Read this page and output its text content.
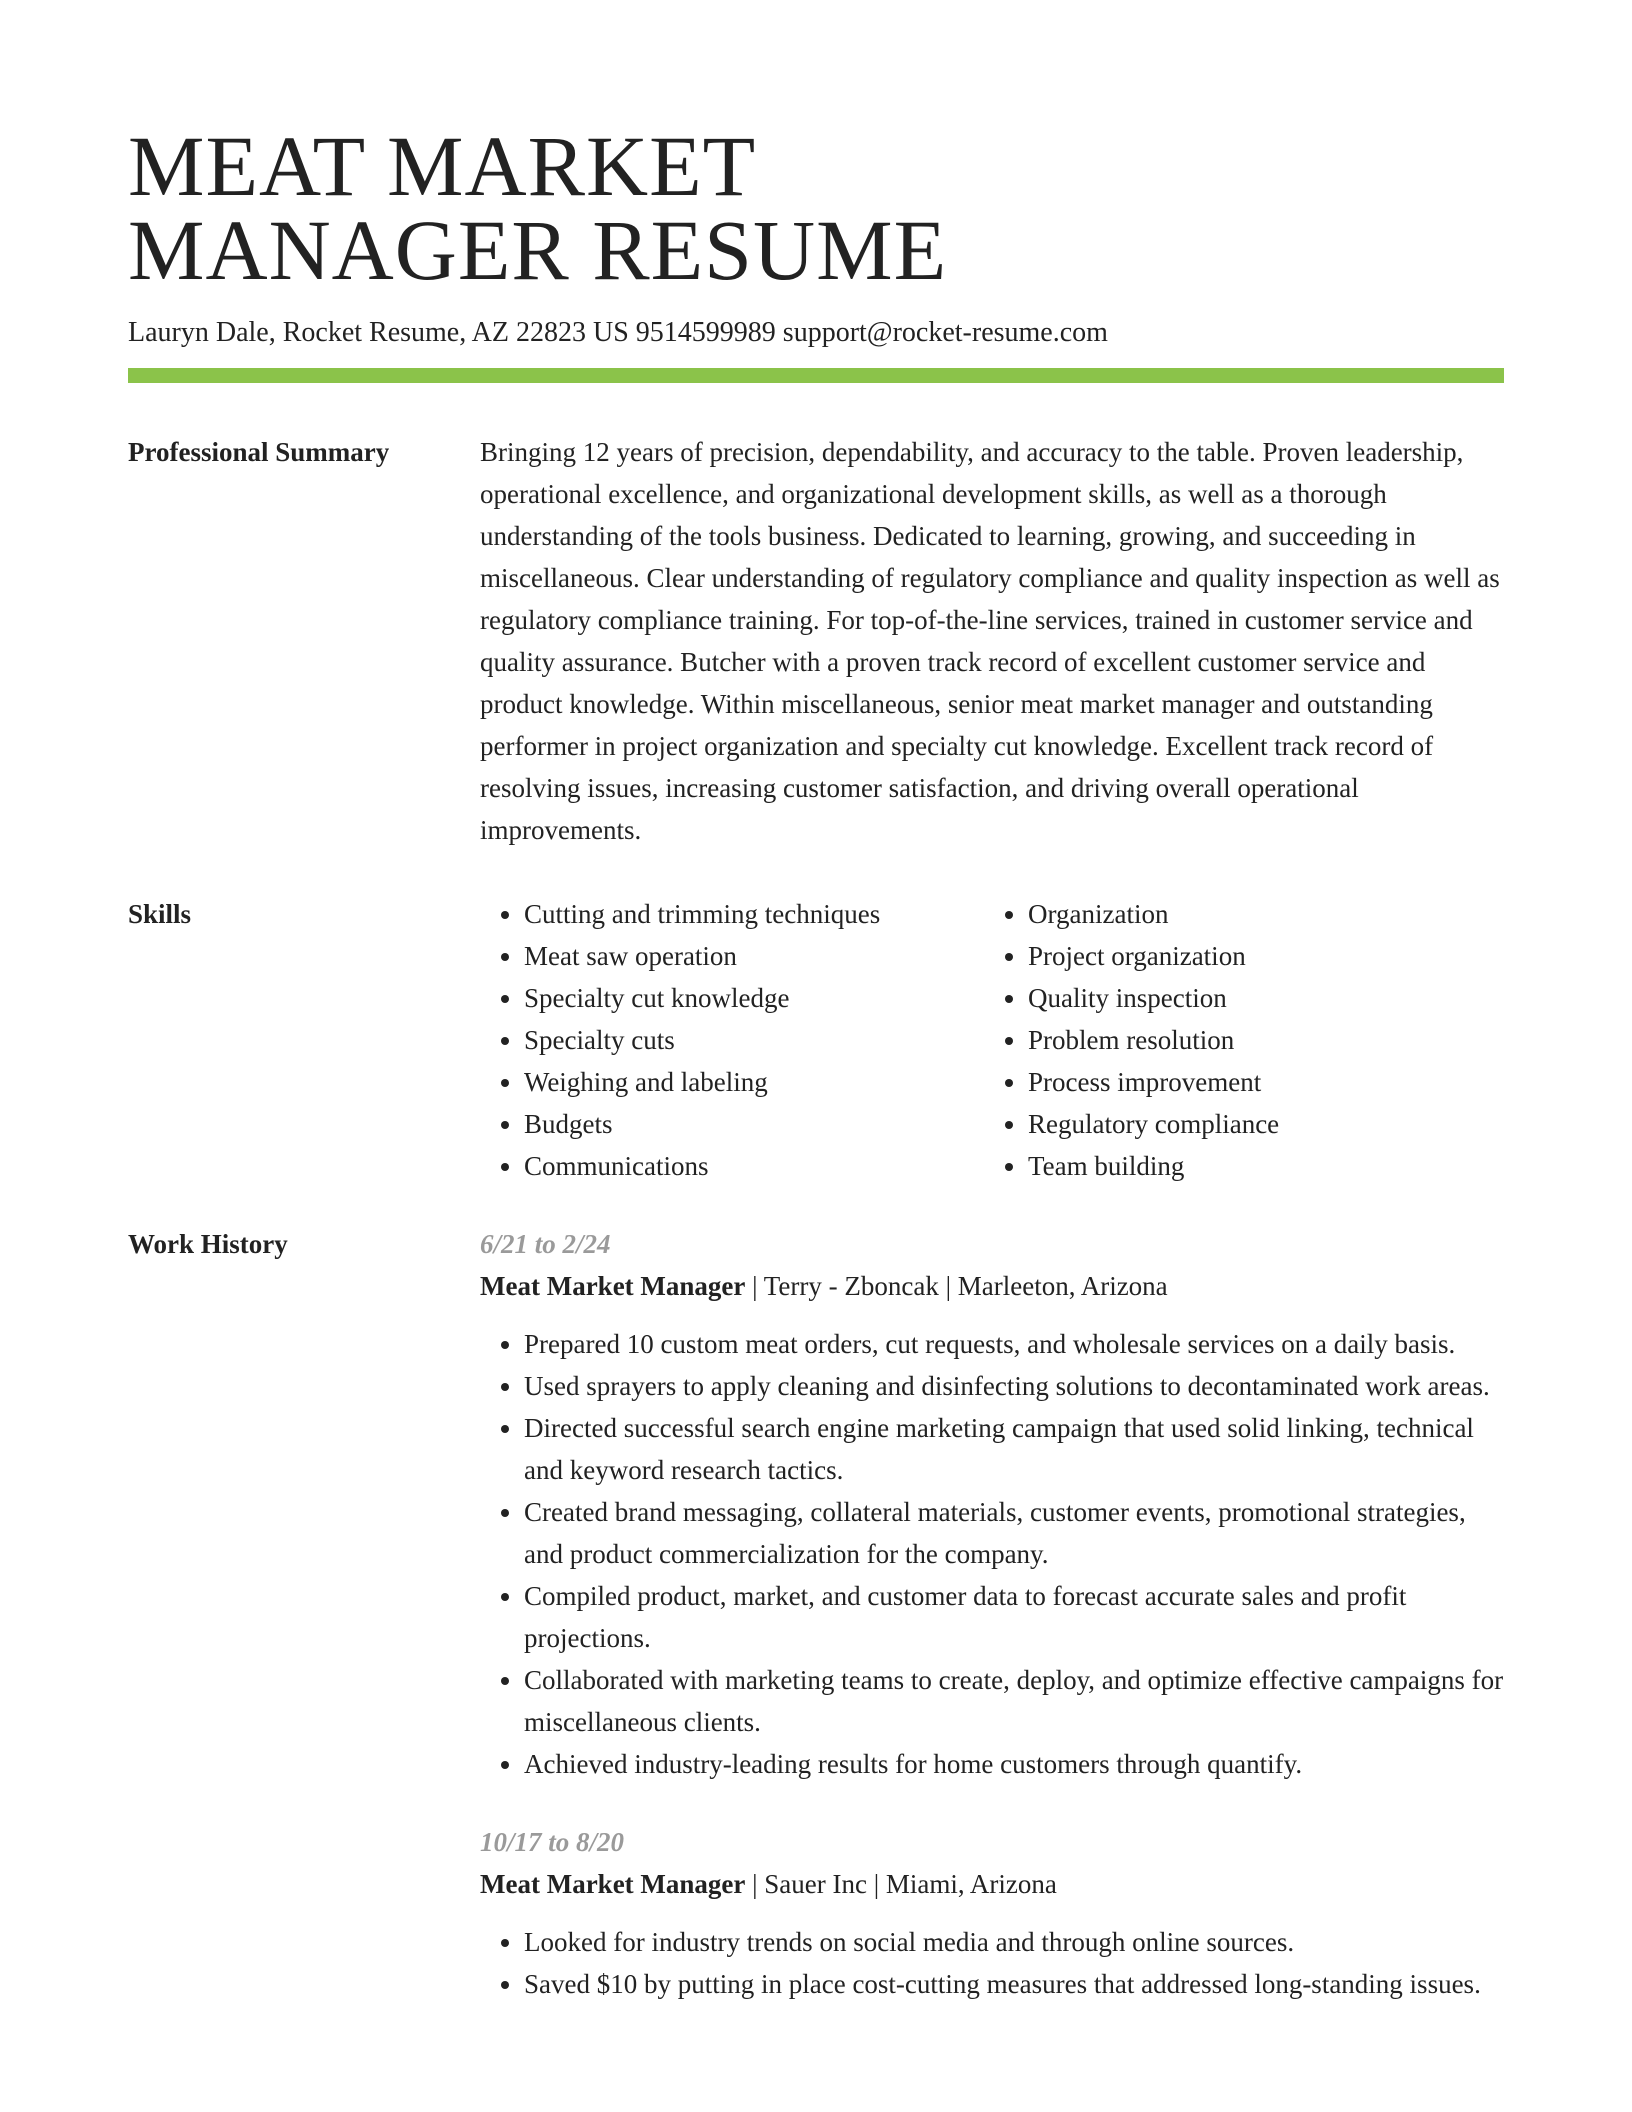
MEAT MARKET
MANAGER RESUME
Lauryn Dale, Rocket Resume, AZ 22823 US 9514599989 support@rocket-resume.com
Professional Summary	Bringing 12 years of precision, dependability, and accuracy to the table. Proven leadership, operational excellence, and organizational development skills, as well as a thorough understanding of the tools business. Dedicated to learning, growing, and succeeding in miscellaneous. Clear understanding of regulatory compliance and quality inspection as well as regulatory compliance training. For top-of-the-line services, trained in customer service and quality assurance. Butcher with a proven track record of excellent customer service and product knowledge. Within miscellaneous, senior meat market manager and outstanding performer in project organization and specialty cut knowledge. Excellent track record of resolving issues, increasing customer satisfaction, and driving overall operational improvements.

Skills
•	Cutting and trimming techniques
• Meat saw operation
• Specialty cut knowledge
• Specialty cuts
• Weighing and labeling
• Budgets
• Communications
• Organization
• Project organization
• Quality inspection
• Problem resolution
• Process improvement
• Regulatory compliance
• Team building
Work History	6/21 to 2/24
Meat Market Manager | Terry - Zboncak | Marleeton, Arizona
• Prepared 10 custom meat orders, cut requests, and wholesale services on a daily basis.
• Used sprayers to apply cleaning and disinfecting solutions to decontaminated work areas.
• Directed successful search engine marketing campaign that used solid linking, technical and keyword research tactics.
• Created brand messaging, collateral materials, customer events, promotional strategies, and product commercialization for the company.
• Compiled product, market, and customer data to forecast accurate sales and profit projections.
• Collaborated with marketing teams to create, deploy, and optimize effective campaigns for miscellaneous clients.
• Achieved industry-leading results for home customers through quantify.
10/17 to 8/20
Meat Market Manager | Sauer Inc | Miami, Arizona
• Looked for industry trends on social media and through online sources.
• Saved $10 by putting in place cost-cutting measures that addressed long-standing issues.
